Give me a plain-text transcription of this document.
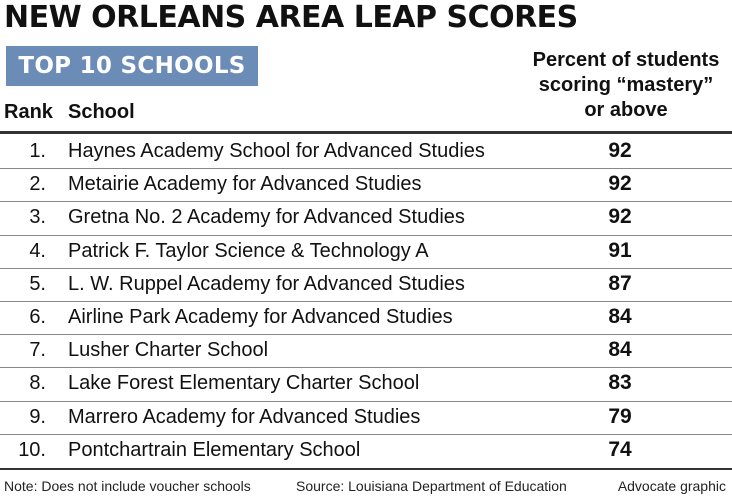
NEW ORLEANS AREA LEAP SCORES
TOP 10 SCHOOLS	Percent of students scoring “mastery” or above
Rank School
1. Haynes Academy School for Advanced Studies	92
2. Metairie Academy for Advanced Studies	92
3. Gretna No. 2 Academy for Advanced Studies	92
4. Patrick F. Taylor Science & Technology A	91
5. L. W. Ruppel Academy for Advanced Studies	87
6. Airline Park Academy for Advanced Studies	84
7. Lusher Charter School	84
8. Lake Forest Elementary Charter School	83
9. Marrero Academy for Advanced Studies	79
10. Pontchartrain Elementary School	74
Note: Does not include voucher schools	Source: Louisiana Department of Education	Advocate graphic
